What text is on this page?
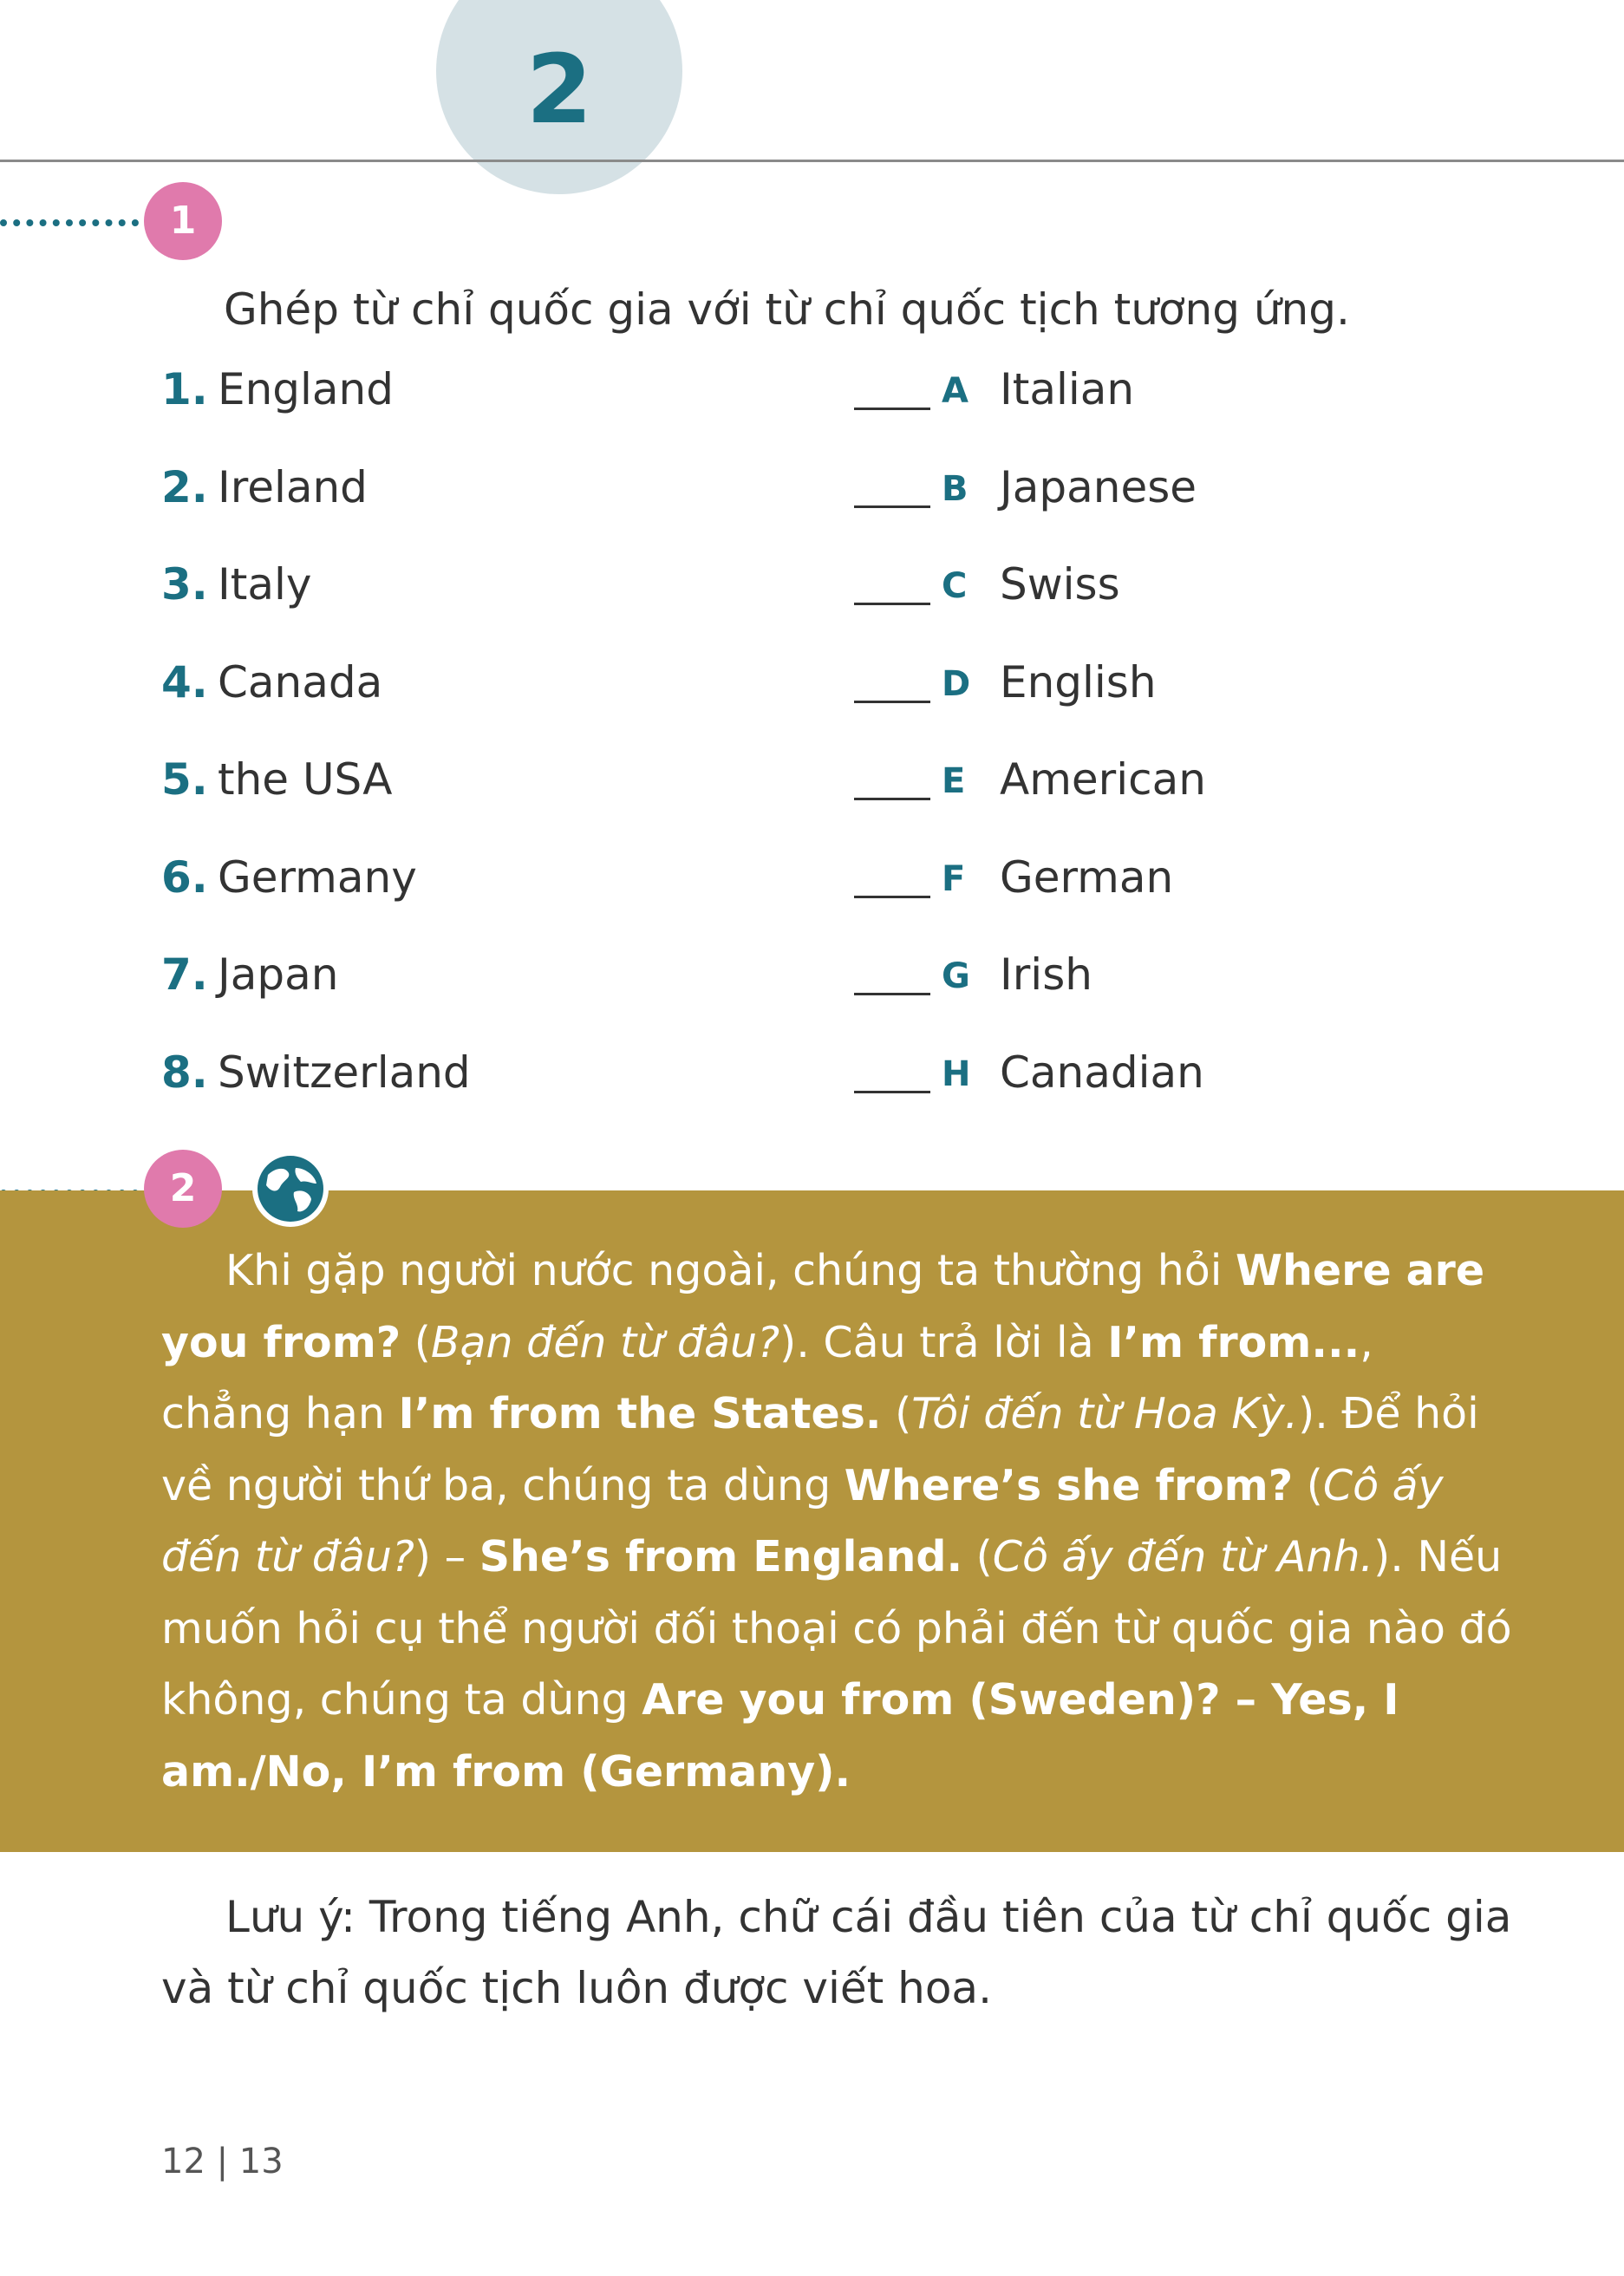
2
1
Ghép từ chỉ quốc gia với từ chỉ quốc tịch tương ứng.
1. England	A Italian
2. Ireland	B Japanese
3. Italy	C Swiss
4. Canada	D English
5. the USA	E American
6. Germany	F German
7. Japan	G Irish
8. Switzerland	H Canadian
2
Khi gặp người nước ngoài, chúng ta thường hỏi Where are you from? (Bạn đến từ đâu?). Câu trả lời là I’m from..., chẳng hạn I’m from the States. (Tôi đến từ Hoa Kỳ.). Để hỏi về người thứ ba, chúng ta dùng Where’s she from? (Cô ấy đến từ đâu?) – She’s from England. (Cô ấy đến từ Anh.). Nếu muốn hỏi cụ thể người đối thoại có phải đến từ quốc gia nào đó không, chúng ta dùng Are you from (Sweden)? – Yes, I am./No, I’m from (Germany).
Lưu ý: Trong tiếng Anh, chữ cái đầu tiên của từ chỉ quốc gia và từ chỉ quốc tịch luôn được viết hoa.
12 | 13
